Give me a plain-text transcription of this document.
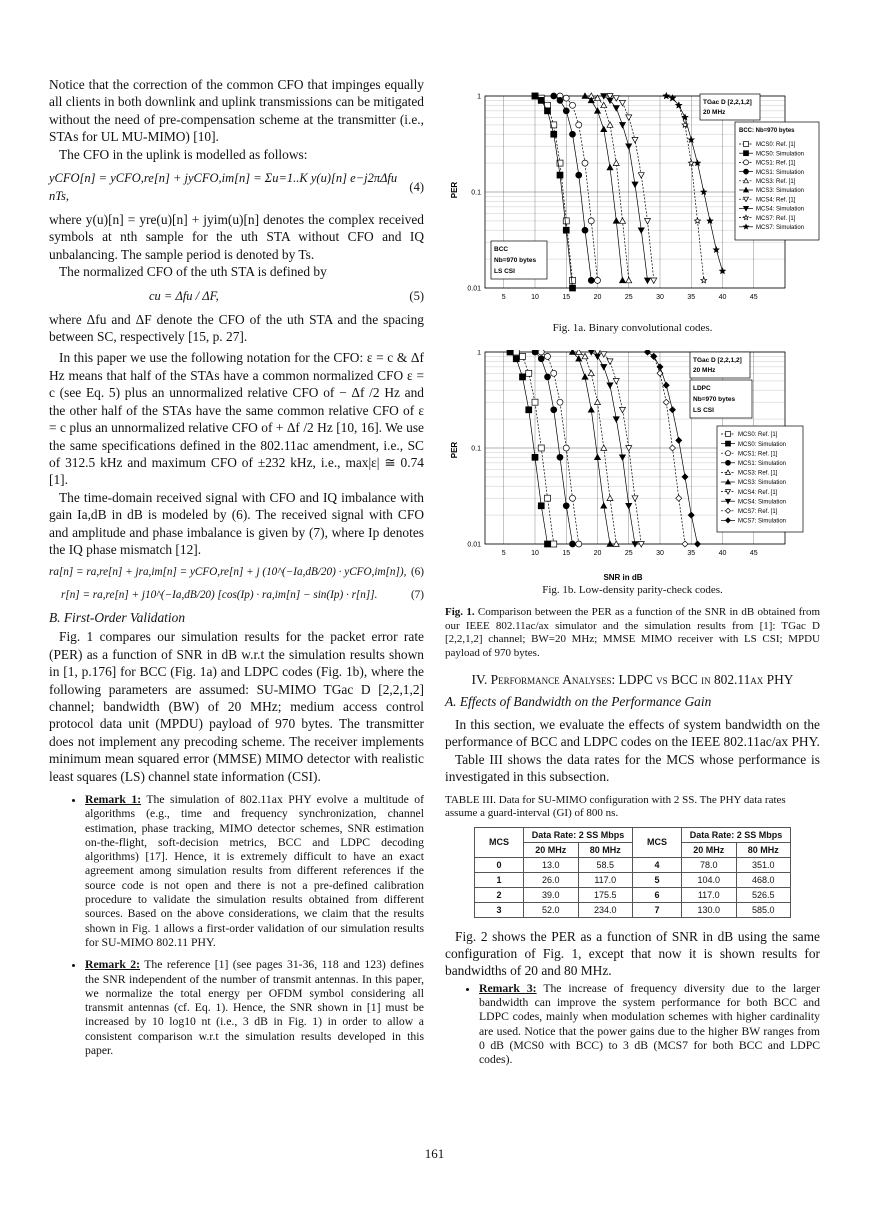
Notice that the correction of the common CFO that impinges equally all clients in both downlink and uplink transmissions can be mitigated without the need of pre-compensation scheme at the transmitter (i.e., STAs for UL MU-MIMO) [10].

The CFO in the uplink is modelled as follows:

yCFO[n] = yCFO,re[n] + jyCFO,im[n] = Σu=1..K y(u)[n] e−j2πΔfu nTs,
(4)

where y(u)[n] = yre(u)[n] + jyim(u)[n] denotes the complex received symbols at nth sample for the uth STA without CFO and IQ unbalancing. The sample period is denoted by Ts.

The normalized CFO of the uth STA is defined by

cu = Δfu / ΔF,	(5)

where Δfu and ΔF denote the CFO of the uth STA and the spacing between SC, respectively [15, p. 27].

In this paper we use the following notation for the CFO: ε = c & Δf Hz means that half of the STAs have a common normalized CFO ε = c (see Eq. 5) plus an unnormalized relative CFO of − Δf /2 Hz and the other half of the STAs have the same common relative CFO of ε = c plus an unnormalized relative CFO of + Δf /2 Hz [10, 16]. We use the same specifications defined in the 802.11ac amendment, i.e., SC of 312.5 kHz and maximum CFO of ±232 kHz, i.e., max|ε| ≅ 0.74 [1].

The time-domain received signal with CFO and IQ imbalance with gain Ia,dB in dB is modeled by (6). The received signal with CFO and amplitude and phase imbalance is given by (7), where Ip denotes the IQ phase mismatch [12].

ra[n] = ra,re[n] + jra,im[n] = yCFO,re[n] + j (10^(−Ia,dB/20) · yCFO,im[n]), (6)
r[n] = ra,re[n] + j10^(−Ia,dB/20) [cos(Ip) · ra,im[n] − sin(Ip) · r[n]].	(7)
B. First-Order Validation

Fig. 1 compares our simulation results for the packet error rate (PER) as a function of SNR in dB w.r.t the simulation results shown in [1, p.176] for BCC (Fig. 1a) and LDPC codes (Fig. 1b), where the following parameters are assumed: SU-MIMO TGac D [2,2,1,2] channel; bandwidth (BW) of 20 MHz; medium access control protocol data unit (MPDU) payload of 970 bytes. The transmitter does not implement any precoding scheme. The receiver implements minimum mean squared error (MMSE) MIMO detector with realistic least squares (LS) channel state information (CSI).

• Remark 1: The simulation of 802.11ax PHY evolve a multitude of algorithms (e.g., time and frequency synchronization, channel estimation, phase tracking, MIMO detector schemes, SNR estimation on-the-flight, soft-decision metrics, BCC and LDPC decoding algorithms) [17]. Hence, it is extremely difficult to have an exact agreement among simulation results from different references if the source code is not open and there is not a pre-defined calibration procedure to validate the simulation results obtained from different sources. Based on the above considerations, we claim that the results shown in Fig. 1 allows a first-order validation of our simulation results for SU-MIMO 802.11 PHY.
• Remark 2: The reference [1] (see pages 31-36, 118 and 123) defines the SNR independent of the number of transmit antennas. In this paper, we normalize the total energy per OFDM symbol considering all transmit antennas (cf. Eq. 1). Hence, the SNR shown in [1] must be increased by 10 log10 nt (i.e., 3 dB in Fig. 1) in order to allow a consistent comparison w.r.t the simulation results developed in this paper.
5	10	15	20	25	30	35	40	45
1
0.1
0.01
PER
TGac D [2,2,1,2]
20 MHz
BCC
Nb=970 bytes
LS CSI
BCC: Nb=970 bytes
MCS0: Ref. [1]
MCS0: Simulation
MCS1: Ref. [1]
MCS1: Simulation
MCS3: Ref. [1]
MCS3: Simulation
MCS4: Ref. [1]
MCS4: Simulation
MCS7: Ref. [1]
MCS7: Simulation
Fig. 1a. Binary convolutional codes.
5	10	15	20	25	30	35	40	45
1
0.1
0.01
PER
SNR in dB
TGac D [2,2,1,2]
20 MHz
LDPC
Nb=970 bytes
LS CSI
MCS0: Ref. [1]
MCS0: Simulation
MCS1: Ref. [1]
MCS1: Simulation
MCS3: Ref. [1]
MCS3: Simulation
MCS4: Ref. [1]
MCS4: Simulation
MCS7: Ref. [1]
MCS7: Simulation
Fig. 1b. Low-density parity-check codes.
Fig. 1. Comparison between the PER as a function of the SNR in dB obtained from our IEEE 802.11ac/ax simulator and the simulation results from [1]: TGac D [2,2,1,2] channel; BW=20 MHz; MMSE MIMO receiver with LS CSI; MPDU payload of 970 bytes.
IV. Performance Analyses: LDPC vs BCC in 802.11ax PHY
A. Effects of Bandwidth on the Performance Gain

In this section, we evaluate the effects of system bandwidth on the performance of BCC and LDPC codes on the IEEE 802.11ac/ax PHY.

Table III shows the data rates for the MCS whose performance is investigated in this subsection.

TABLE III. Data for SU-MIMO configuration with 2 SS. The PHY data rates assume a guard-interval (GI) of 800 ns.
MCS	Data Rate: 2 SS Mbps		MCS	Data Rate: 2 SS Mbps	
	20 MHz	80 MHz		20 MHz	80 MHz
0	13.0	58.5	4	78.0	351.0
1	26.0	117.0	5	104.0	468.0
2	39.0	175.5	6	117.0	526.5
3	52.0	234.0	7	130.0	585.0

Fig. 2 shows the PER as a function of SNR in dB using the same configuration of Fig. 1, except that now it is shown results for bandwidths of 20 and 80 MHz.

• Remark 3: The increase of frequency diversity due to the larger bandwidth can improve the system performance for both BCC and LDPC codes, mainly when modulation schemes with higher cardinality are used. Notice that the power gains due to the higher BW ranges from 0 dB (MCS0 with BCC) to 3 dB (MCS7 for both BCC and LDPC codes).
161
